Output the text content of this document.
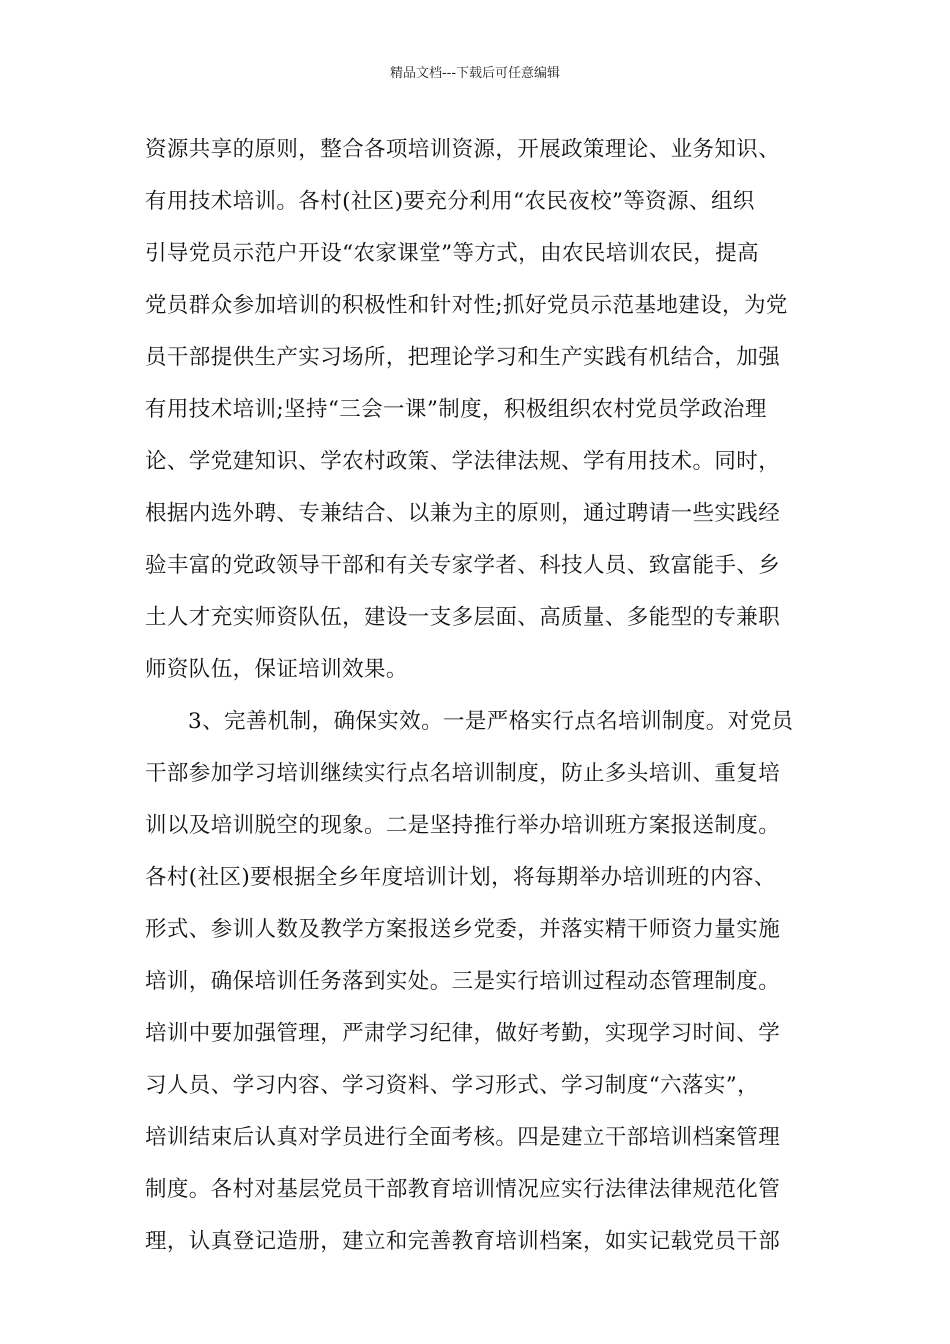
精品文档---下载后可任意编辑
资源共享的原则，整合各项培训资源，开展政策理论、业务知识、
有用技术培训。各村(社区)要充分利用“农民夜校”等资源、组织
引导党员示范户开设“农家课堂”等方式，由农民培训农民，提高
党员群众参加培训的积极性和针对性;抓好党员示范基地建设，为党
员干部提供生产实习场所，把理论学习和生产实践有机结合，加强
有用技术培训;坚持“三会一课”制度，积极组织农村党员学政治理
论、学党建知识、学农村政策、学法律法规、学有用技术。同时，
根据内选外聘、专兼结合、以兼为主的原则，通过聘请一些实践经
验丰富的党政领导干部和有关专家学者、科技人员、致富能手、乡
土人才充实师资队伍，建设一支多层面、高质量、多能型的专兼职
师资队伍，保证培训效果。
3、完善机制，确保实效。一是严格实行点名培训制度。对党员
干部参加学习培训继续实行点名培训制度，防止多头培训、重复培
训以及培训脱空的现象。二是坚持推行举办培训班方案报送制度。
各村(社区)要根据全乡年度培训计划，将每期举办培训班的内容、
形式、参训人数及教学方案报送乡党委，并落实精干师资力量实施
培训，确保培训任务落到实处。三是实行培训过程动态管理制度。
培训中要加强管理，严肃学习纪律，做好考勤，实现学习时间、学
习人员、学习内容、学习资料、学习形式、学习制度“六落实”，
培训结束后认真对学员进行全面考核。四是建立干部培训档案管理
制度。各村对基层党员干部教育培训情况应实行法律法律规范化管
理，认真登记造册，建立和完善教育培训档案，如实记载党员干部
